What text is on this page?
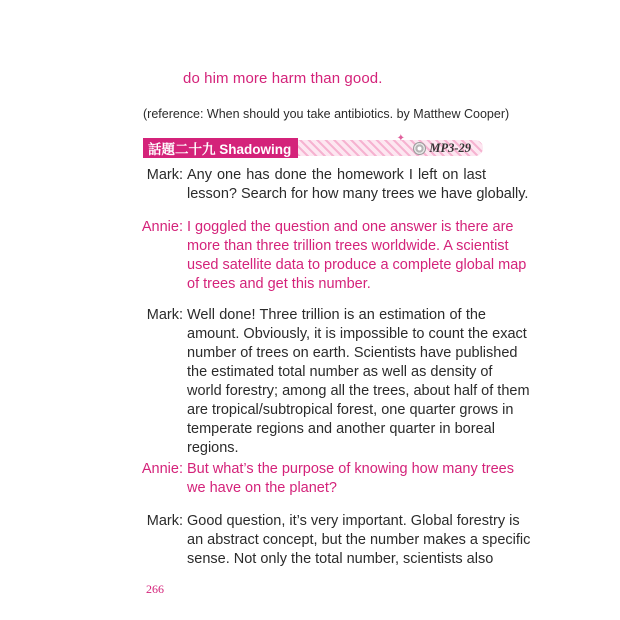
do him more harm than good.
(reference: When should you take antibiotics. by Matthew Cooper)
話題二十九 Shadowing
✦
MP3-29
Mark: Any one has done the homework I left on last
lesson? Search for how many trees we have globally.
Annie: I goggled the question and one answer is there are
more than three trillion trees worldwide. A scientist
used satellite data to produce a complete global map
of trees and get this number.
Mark: Well done! Three trillion is an estimation of the
amount. Obviously, it is impossible to count the exact
number of trees on earth. Scientists have published
the estimated total number as well as density of
world forestry; among all the trees, about half of them
are tropical/subtropical forest, one quarter grows in
temperate regions and another quarter in boreal
regions.
Annie: But what’s the purpose of knowing how many trees
we have on the planet?
Mark: Good question, it’s very important. Global forestry is
an abstract concept, but the number makes a specific
sense. Not only the total number, scientists also
266
